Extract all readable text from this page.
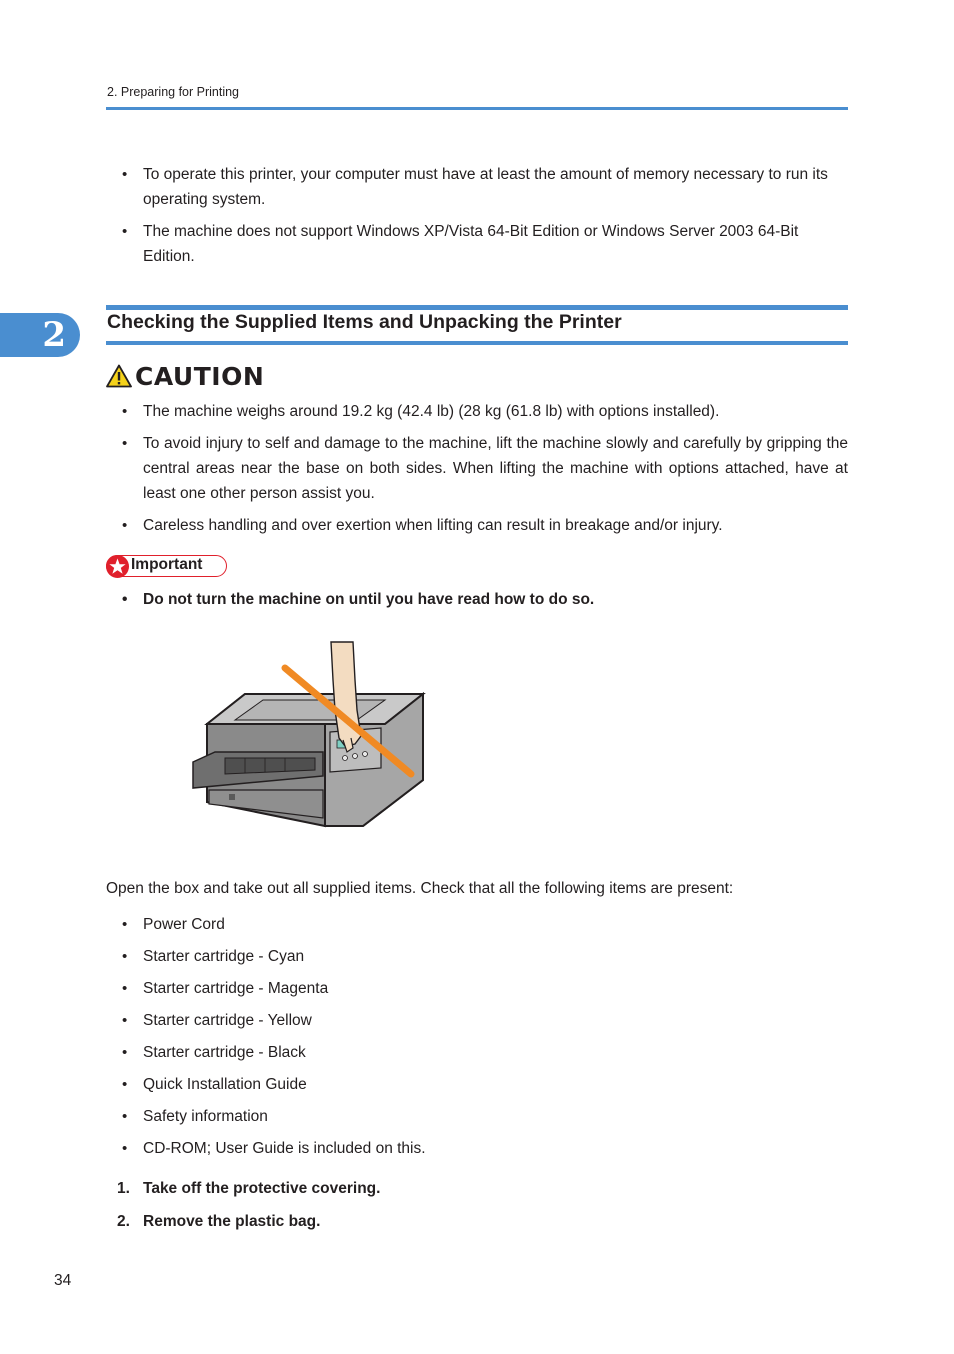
2. Preparing for Printing
• To operate this printer, your computer must have at least the amount of memory necessary to run its operating system.
• The machine does not support Windows XP/Vista 64-Bit Edition or Windows Server 2003 64-Bit Edition.
2	Checking the Supplied Items and Unpacking the Printer
CAUTION
• The machine weighs around 19.2 kg (42.4 lb) (28 kg (61.8 lb) with options installed).
• To avoid injury to self and damage to the machine, lift the machine slowly and carefully by gripping the central areas near the base on both sides. When lifting the machine with options attached, have at least one other person assist you.
• Careless handling and over exertion when lifting can result in breakage and/or injury.
Important
• Do not turn the machine on until you have read how to do so.
Open the box and take out all supplied items. Check that all the following items are present:
• Power Cord
• Starter cartridge - Cyan
• Starter cartridge - Magenta
• Starter cartridge - Yellow
• Starter cartridge - Black
• Quick Installation Guide
• Safety information
• CD-ROM; User Guide is included on this.
1. Take off the protective covering.
2. Remove the plastic bag.
34
